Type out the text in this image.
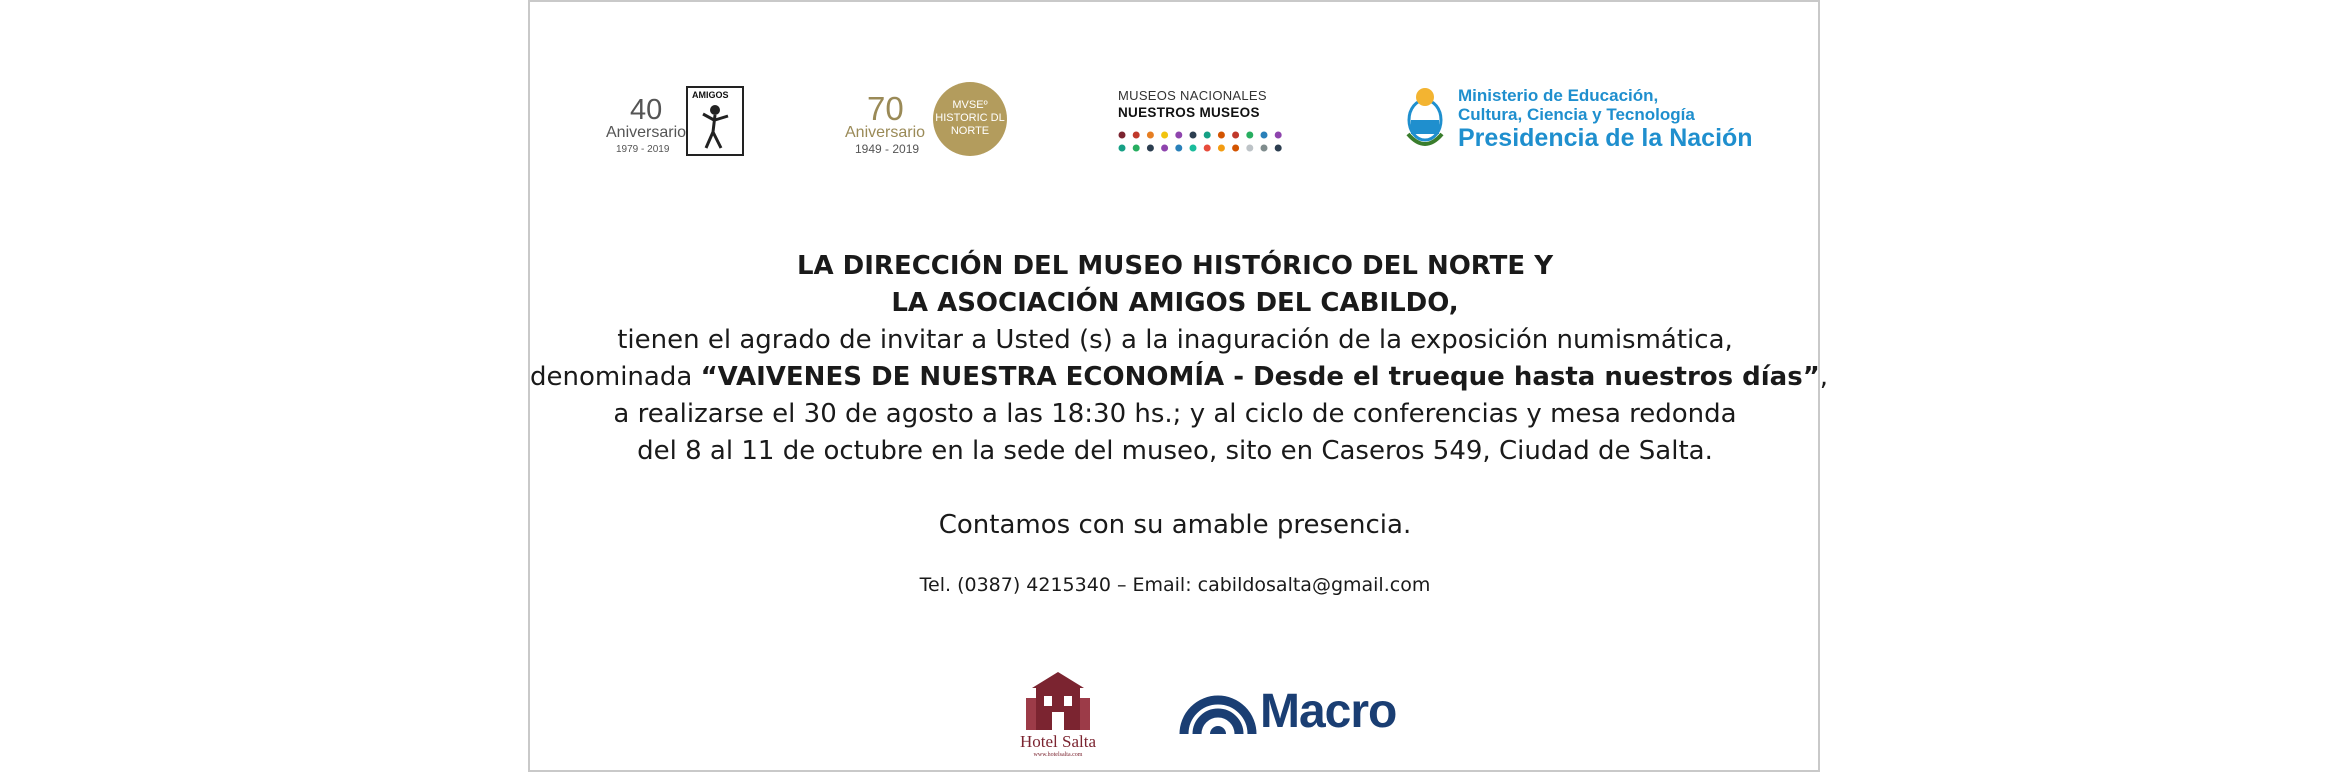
40
Aniversario
1979 - 2019
AMIGOS	70
Aniversario
1949 - 2019
MVSEº HISTORIC DL NORTE
MUSEOS NACIONALES
NUESTROS MUSEOS
Ministerio de Educación,
Cultura, Ciencia y Tecnología
Presidencia de la Nación

LA DIRECCIÓN DEL MUSEO HISTÓRICO DEL NORTE Y

LA ASOCIACIÓN AMIGOS DEL CABILDO,

tienen el agrado de invitar a Usted (s) a la inaguración de la exposición numismática,

denominada “VAIVENES DE NUESTRA ECONOMÍA - Desde el trueque hasta nuestros días”,

a realizarse el 30 de agosto a las 18:30 hs.; y al ciclo de conferencias y mesa redonda

del 8 al 11 de octubre en la sede del museo, sito en Caseros 549, Ciudad de Salta.

Contamos con su amable presencia.

Tel. (0387) 4215340 – Email: cabildosalta@gmail.com

Hotel Salta
www.hotelsalta.com
Macro
